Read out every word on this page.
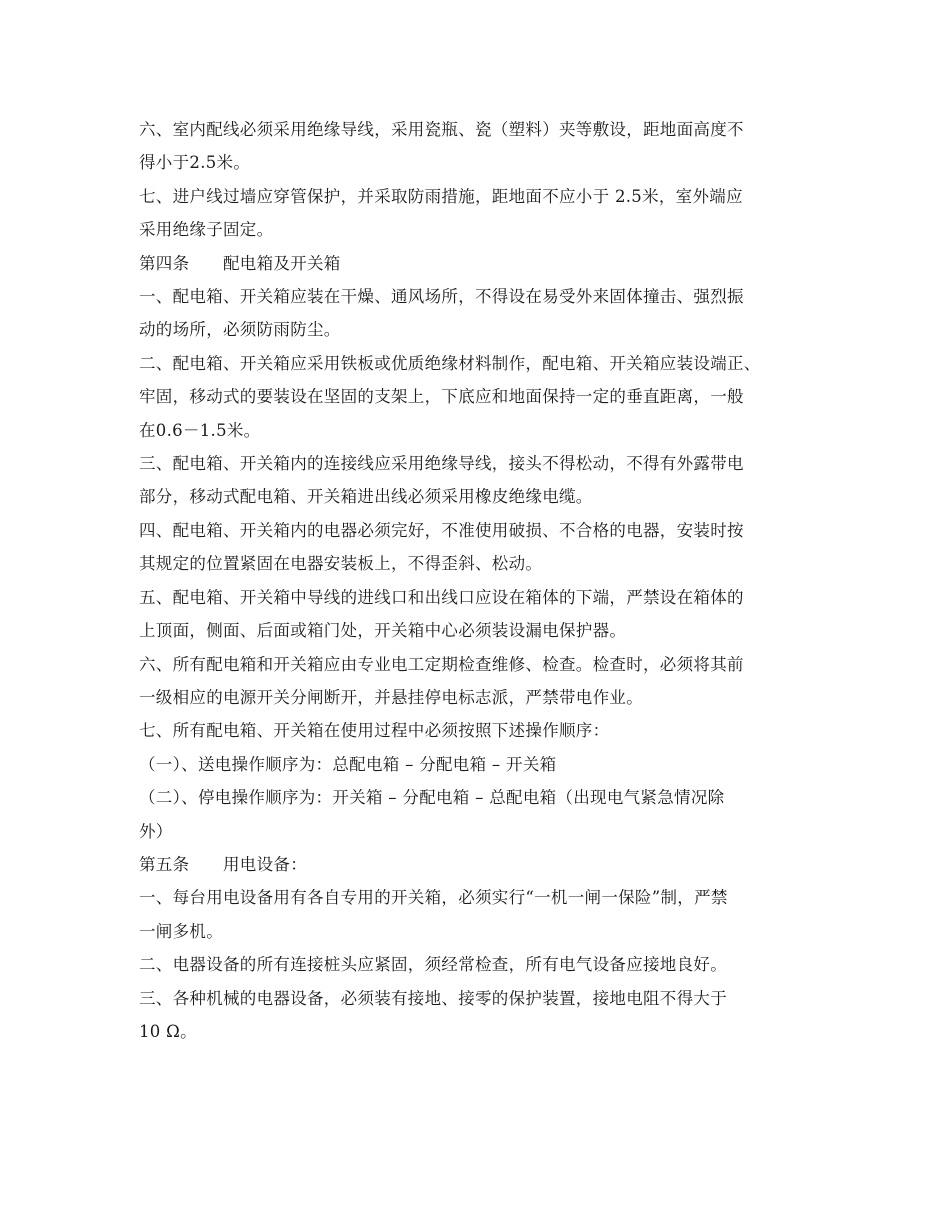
六、室内配线必须采用绝缘导线，采用瓷瓶、瓷（塑料）夹等敷设，距地面高度不

得小于2.5米。

七、进户线过墙应穿管保护，并采取防雨措施，距地面不应小于 2.5米，室外端应

采用绝缘子固定。

第四条　　配电箱及开关箱

一、配电箱、开关箱应装在干燥、通风场所，不得设在易受外来固体撞击、强烈振

动的场所，必须防雨防尘。

二、配电箱、开关箱应采用铁板或优质绝缘材料制作，配电箱、开关箱应装设端正、

牢固，移动式的要装设在坚固的支架上，下底应和地面保持一定的垂直距离，一般

在0.6－1.5米。

三、配电箱、开关箱内的连接线应采用绝缘导线，接头不得松动，不得有外露带电

部分，移动式配电箱、开关箱进出线必须采用橡皮绝缘电缆。

四、配电箱、开关箱内的电器必须完好，不准使用破损、不合格的电器，安装时按

其规定的位置紧固在电器安装板上，不得歪斜、松动。

五、配电箱、开关箱中导线的进线口和出线口应设在箱体的下端，严禁设在箱体的

上顶面，侧面、后面或箱门处，开关箱中心必须装设漏电保护器。

六、所有配电箱和开关箱应由专业电工定期检查维修、检查。检查时，必须将其前

一级相应的电源开关分闸断开，并悬挂停电标志派，严禁带电作业。

七、所有配电箱、开关箱在使用过程中必须按照下述操作顺序：

（一）、送电操作顺序为：总配电箱 – 分配电箱 – 开关箱

（二）、停电操作顺序为：开关箱 – 分配电箱 – 总配电箱（出现电气紧急情况除

外）

第五条　　用电设备：

一、每台用电设备用有各自专用的开关箱，必须实行“一机一闸一保险”制，严禁

一闸多机。

二、电器设备的所有连接桩头应紧固，须经常检查，所有电气设备应接地良好。

三、各种机械的电器设备，必须装有接地、接零的保护装置，接地电阻不得大于

10 Ω。
